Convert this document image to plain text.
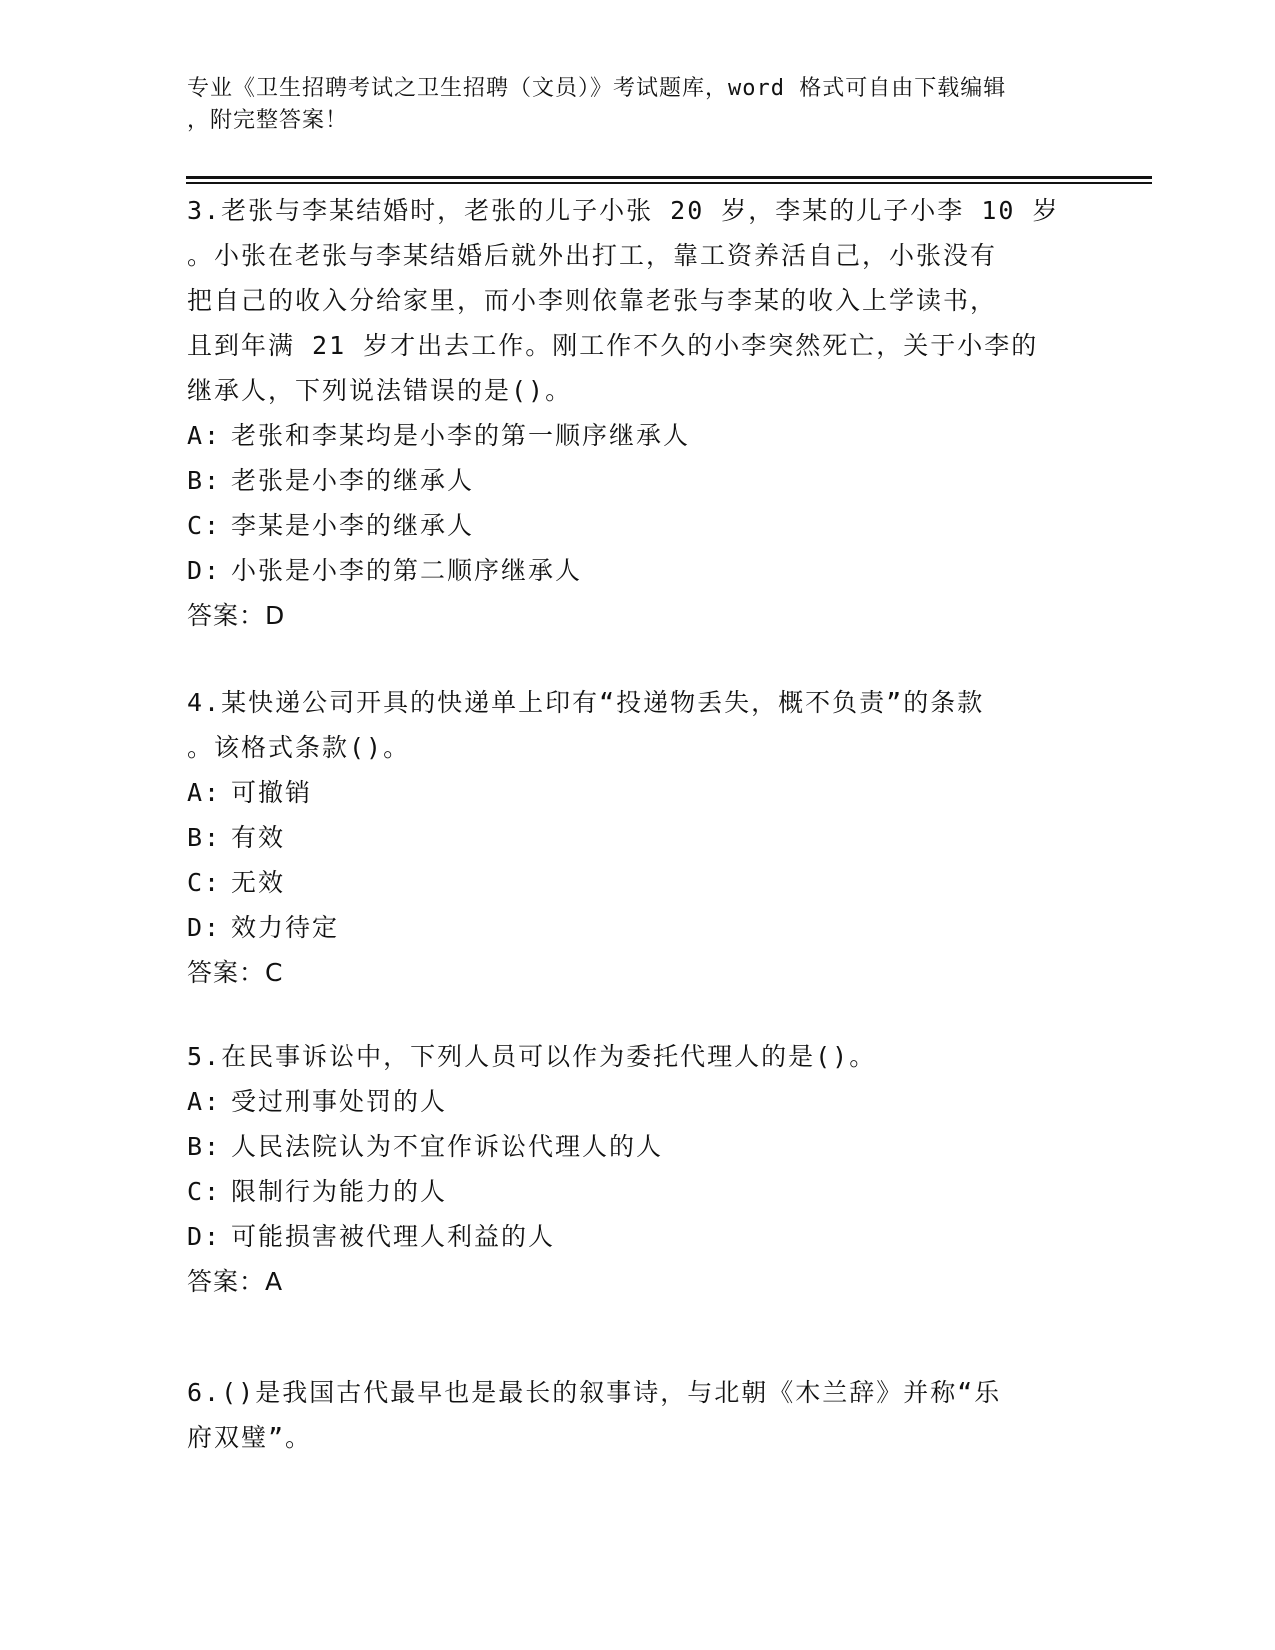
专业《卫生招聘考试之卫生招聘（文员）》考试题库，word 格式可自由下载编辑
，附完整答案！
3.老张与李某结婚时，老张的儿子小张 20 岁，李某的儿子小李 10 岁
。小张在老张与李某结婚后就外出打工，靠工资养活自己，小张没有
把自己的收入分给家里，而小李则依靠老张与李某的收入上学读书，
且到年满 21 岁才出去工作。刚工作不久的小李突然死亡，关于小李的
继承人，下列说法错误的是()。
A: 老张和李某均是小李的第一顺序继承人
B: 老张是小李的继承人
C: 李某是小李的继承人
D: 小张是小李的第二顺序继承人
答案：D
4.某快递公司开具的快递单上印有“投递物丢失，概不负责”的条款
。该格式条款()。
A: 可撤销
B: 有效
C: 无效
D: 效力待定
答案：C
5.在民事诉讼中，下列人员可以作为委托代理人的是()。
A: 受过刑事处罚的人
B: 人民法院认为不宜作诉讼代理人的人
C: 限制行为能力的人
D: 可能损害被代理人利益的人
答案：A
6.()是我国古代最早也是最长的叙事诗，与北朝《木兰辞》并称“乐
府双璧”。
